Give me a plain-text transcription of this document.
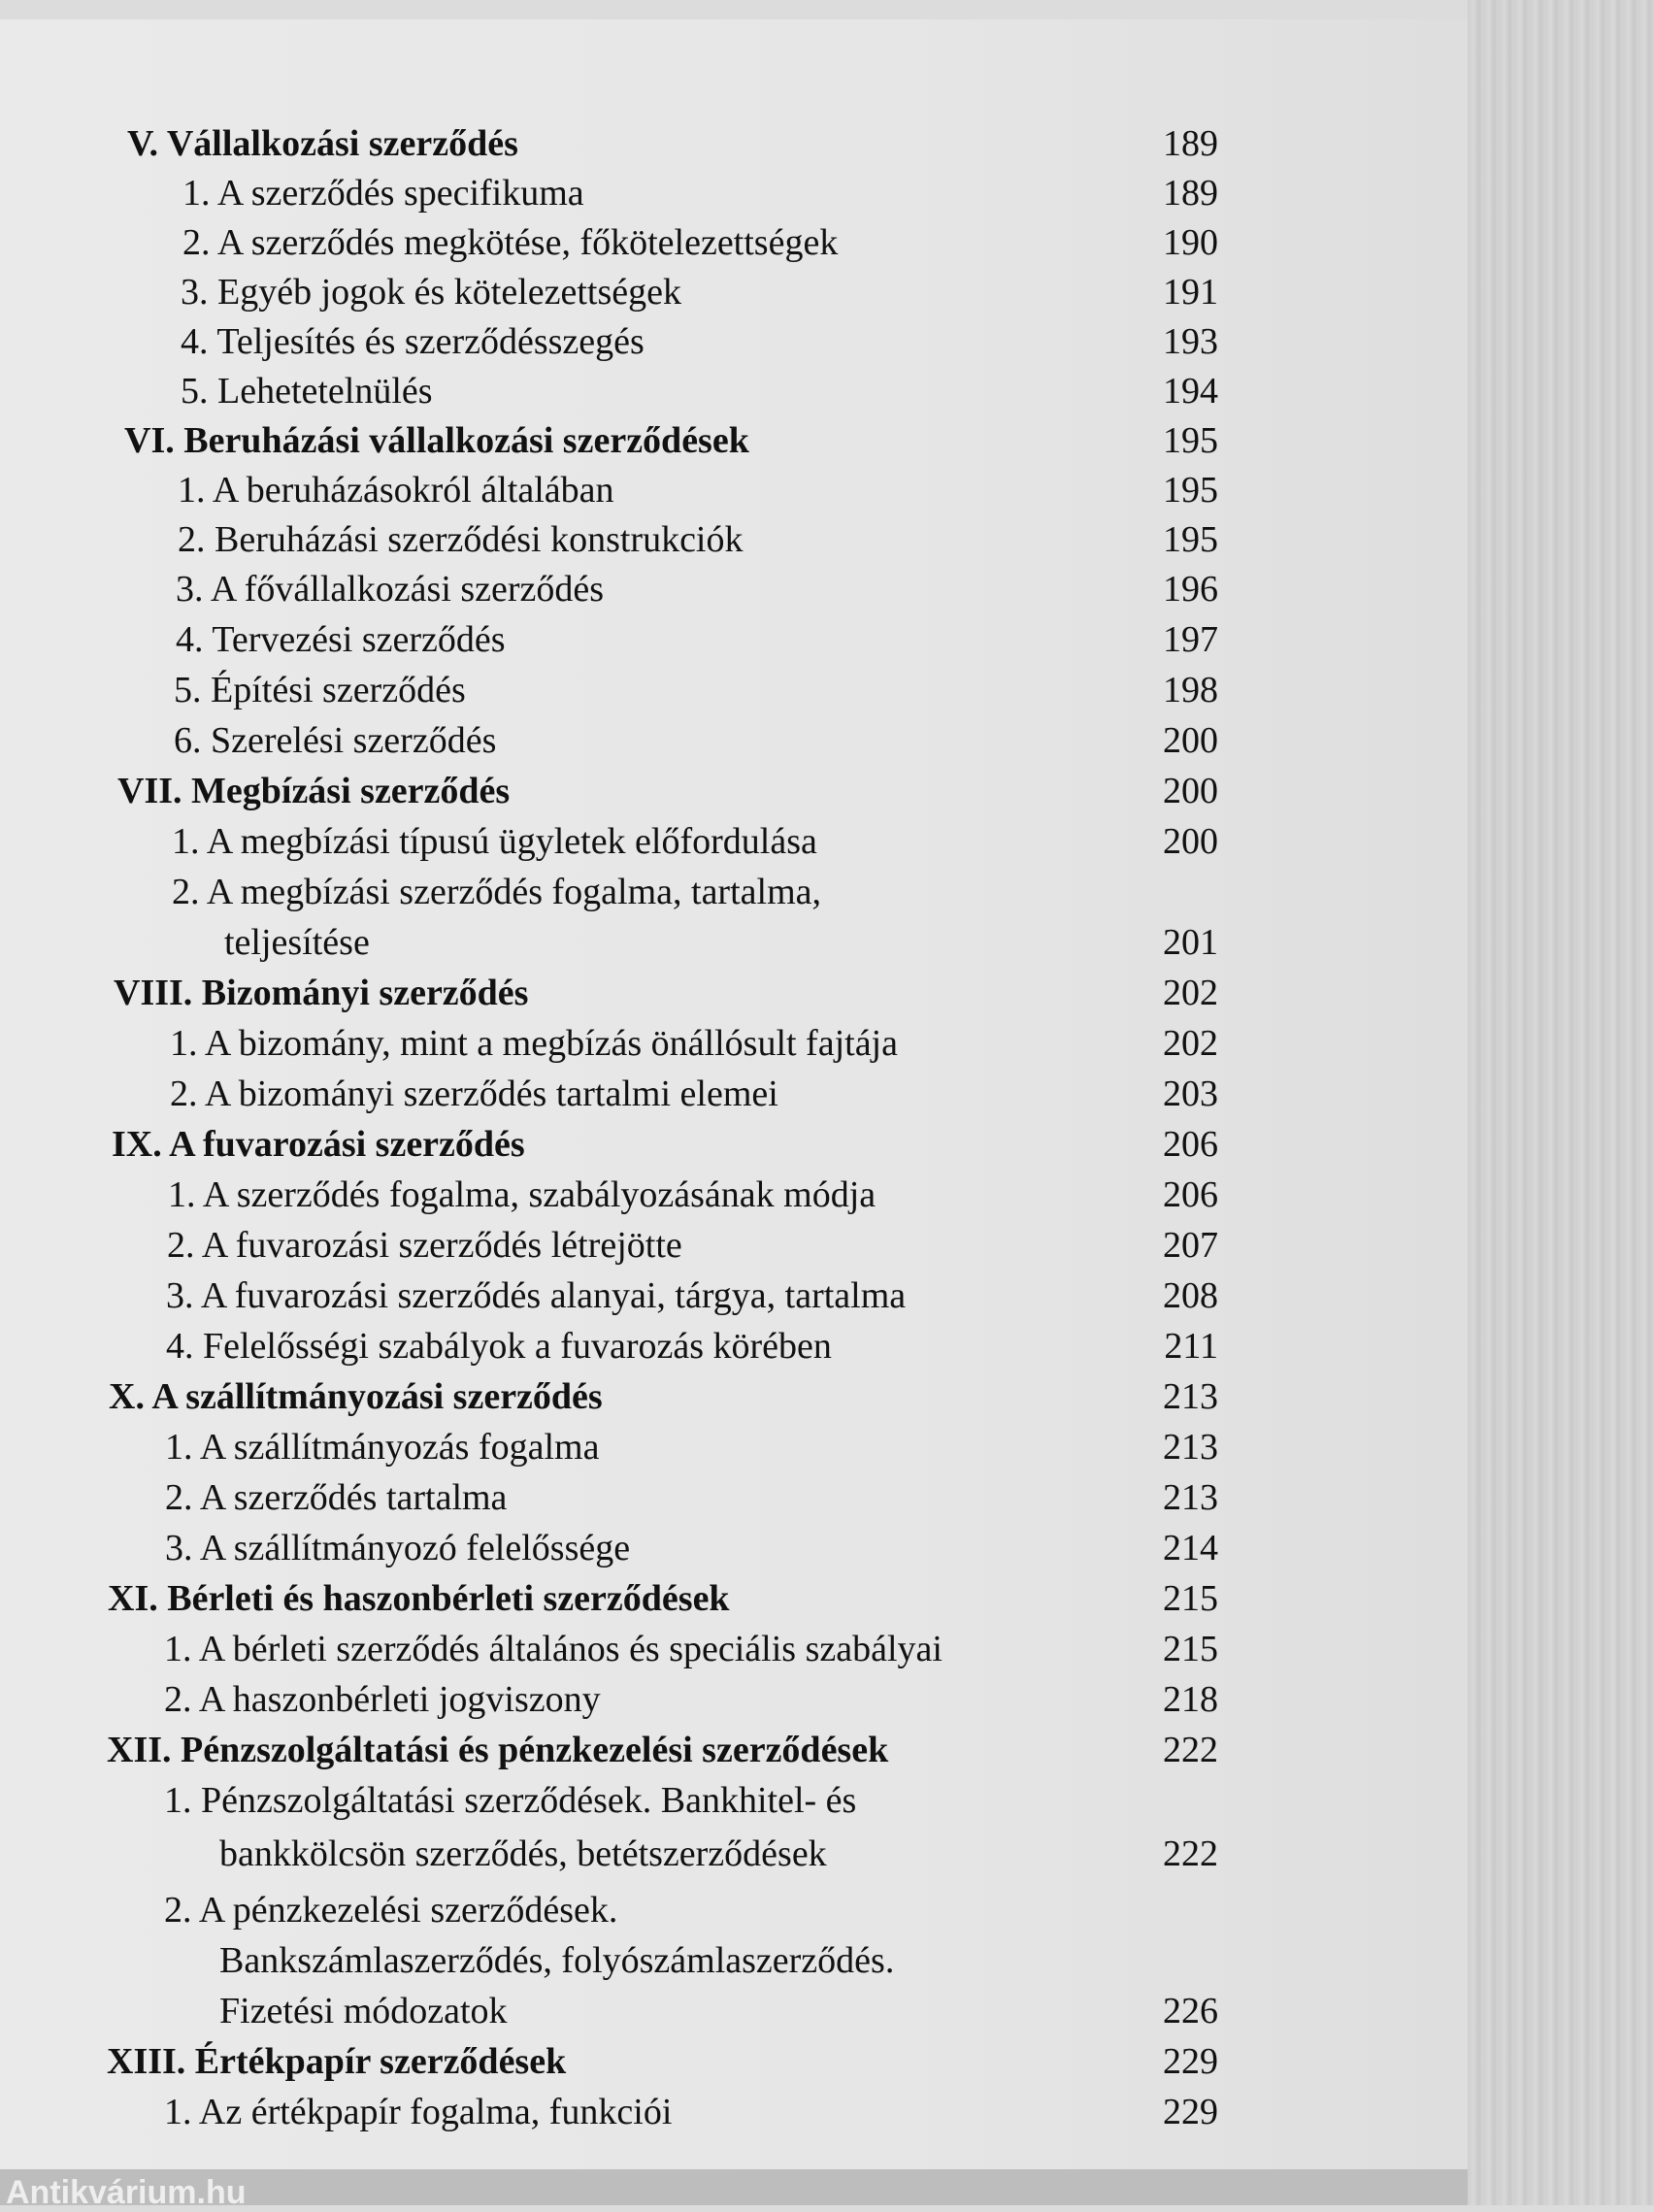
V. Vállalkozási szerződés	189
1. A szerződés specifikuma	189
2. A szerződés megkötése, főkötelezettségek	190
3. Egyéb jogok és kötelezettségek	191
4. Teljesítés és szerződésszegés	193
5. Lehetetelnülés	194
VI. Beruházási vállalkozási szerződések	195
1. A beruházásokról általában	195
2. Beruházási szerződési konstrukciók	195
3. A fővállalkozási szerződés	196
4. Tervezési szerződés	197
5. Építési szerződés	198
6. Szerelési szerződés	200
VII. Megbízási szerződés	200
1. A megbízási típusú ügyletek előfordulása	200
2. A megbízási szerződés fogalma, tartalma,
teljesítése	201
VIII. Bizományi szerződés	202
1. A bizomány, mint a megbízás önállósult fajtája	202
2. A bizományi szerződés tartalmi elemei	203
IX. A fuvarozási szerződés	206
1. A szerződés fogalma, szabályozásának módja	206
2. A fuvarozási szerződés létrejötte	207
3. A fuvarozási szerződés alanyai, tárgya, tartalma	208
4. Felelősségi szabályok a fuvarozás körében	211
X. A szállítmányozási szerződés	213
1. A szállítmányozás fogalma	213
2. A szerződés tartalma	213
3. A szállítmányozó felelőssége	214
XI. Bérleti és haszonbérleti szerződések	215
1. A bérleti szerződés általános és speciális szabályai	215
2. A haszonbérleti jogviszony	218
XII. Pénzszolgáltatási és pénzkezelési szerződések	222
1. Pénzszolgáltatási szerződések. Bankhitel- és
bankkölcsön szerződés, betétszerződések	222
2. A pénzkezelési szerződések.
Bankszámlaszerződés, folyószámlaszerződés.
Fizetési módozatok	226
XIII. Értékpapír szerződések	229
1. Az értékpapír fogalma, funkciói	229
Antikvárium.hu
